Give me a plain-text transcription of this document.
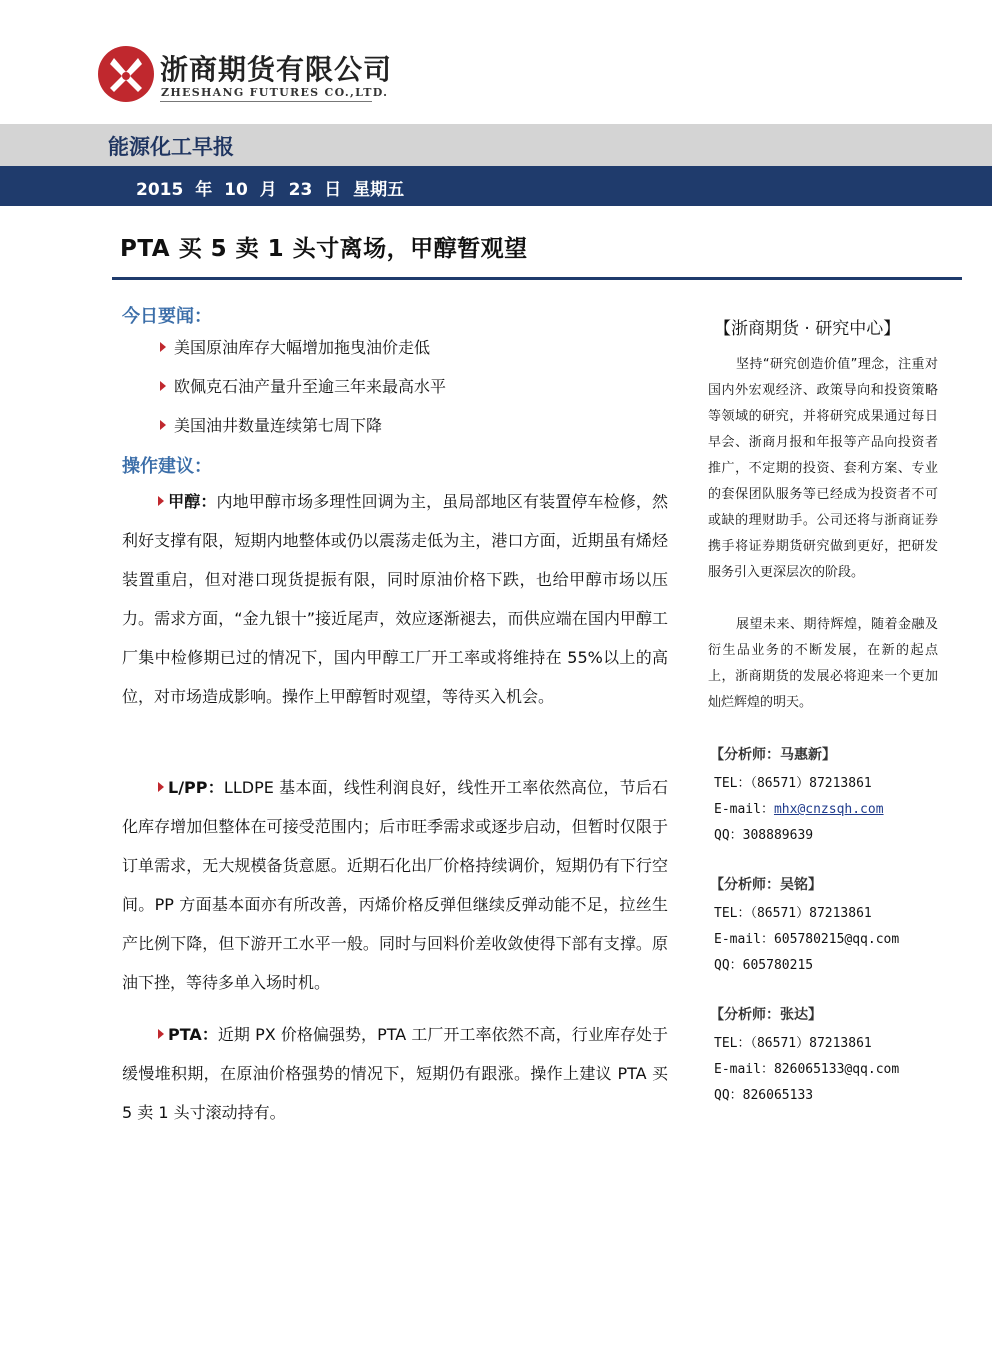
浙商期货有限公司
ZHESHANG FUTURES CO.,LTD.
能源化工早报
2015 年 10 月 23 日 星期五
PTA 买 5 卖 1 头寸离场，甲醇暂观望
今日要闻：
美国原油库存大幅增加拖曳油价走低
欧佩克石油产量升至逾三年来最高水平
美国油井数量连续第七周下降
操作建议：
甲醇：内地甲醇市场多理性回调为主，虽局部地区有装置停车检修，然利好支撑有限，短期内地整体或仍以震荡走低为主，港口方面，近期虽有烯烃装置重启，但对港口现货提振有限，同时原油价格下跌，也给甲醇市场以压力。需求方面，“金九银十”接近尾声，效应逐渐褪去，而供应端在国内甲醇工厂集中检修期已过的情况下，国内甲醇工厂开工率或将维持在 55%以上的高位，对市场造成影响。操作上甲醇暂时观望，等待买入机会。
L/PP：LLDPE 基本面，线性利润良好，线性开工率依然高位，节后石化库存增加但整体在可接受范围内；后市旺季需求或逐步启动，但暂时仅限于订单需求，无大规模备货意愿。近期石化出厂价格持续调价，短期仍有下行空间。PP 方面基本面亦有所改善，丙烯价格反弹但继续反弹动能不足，拉丝生产比例下降，但下游开工水平一般。同时与回料价差收敛使得下部有支撑。原油下挫，等待多单入场时机。
PTA：近期 PX 价格偏强势，PTA 工厂开工率依然不高，行业库存处于缓慢堆积期，在原油价格强势的情况下，短期仍有跟涨。操作上建议 PTA 买 5 卖 1 头寸滚动持有。
【浙商期货 · 研究中心】
坚持“研究创造价值”理念，注重对国内外宏观经济、政策导向和投资策略等领域的研究，并将研究成果通过每日早会、浙商月报和年报等产品向投资者推广，不定期的投资、套利方案、专业的套保团队服务等已经成为投资者不可或缺的理财助手。公司还将与浙商证券携手将证券期货研究做到更好，把研发服务引入更深层次的阶段。
展望未来、期待辉煌，随着金融及衍生品业务的不断发展，在新的起点上，浙商期货的发展必将迎来一个更加灿烂辉煌的明天。
【分析师：马惠新】
TEL：（86571）87213861
E-mail：mhx@cnzsqh.com
QQ：308889639
【分析师：吴铭】
TEL：（86571）87213861
E-mail：605780215@qq.com
QQ：605780215
【分析师：张达】
TEL：（86571）87213861
E-mail：826065133@qq.com
QQ：826065133
